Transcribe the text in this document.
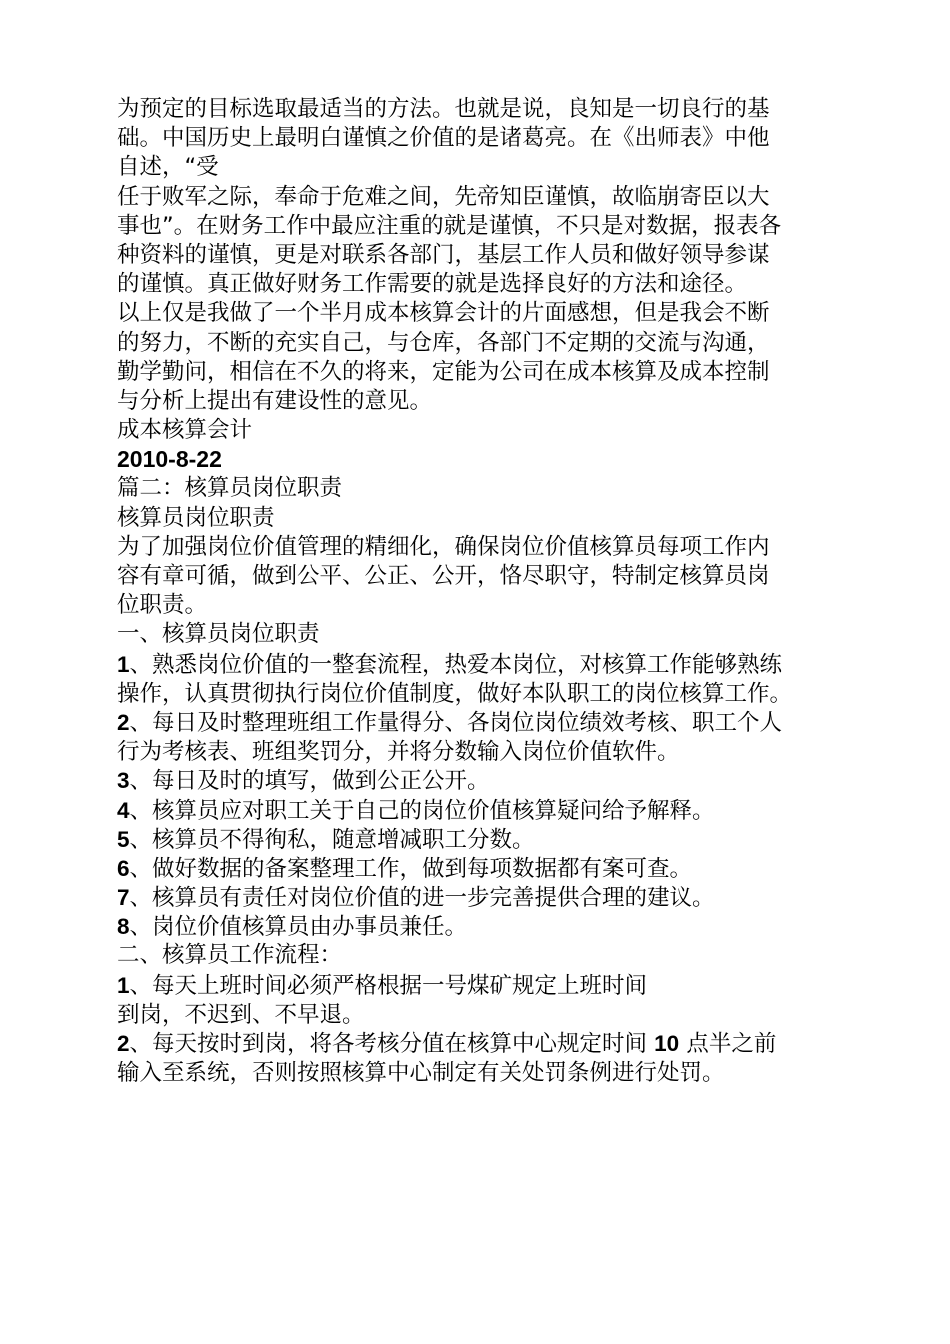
为预定的目标选取最适当的方法。也就是说，良知是一切良行的基
础。中国历史上最明白谨慎之价值的是诸葛亮。在《出师表》中他
自述，“受
任于败军之际，奉命于危难之间，先帝知臣谨慎，故临崩寄臣以大
事也”。在财务工作中最应注重的就是谨慎，不只是对数据，报表各
种资料的谨慎，更是对联系各部门，基层工作人员和做好领导参谋
的谨慎。真正做好财务工作需要的就是选择良好的方法和途径。
以上仅是我做了一个半月成本核算会计的片面感想，但是我会不断
的努力，不断的充实自己，与仓库，各部门不定期的交流与沟通，
勤学勤问，相信在不久的将来，定能为公司在成本核算及成本控制
与分析上提出有建设性的意见。
成本核算会计
2010-8-22
篇二：核算员岗位职责
核算员岗位职责
为了加强岗位价值管理的精细化，确保岗位价值核算员每项工作内
容有章可循，做到公平、公正、公开，恪尽职守，特制定核算员岗
位职责。
一、核算员岗位职责
1、熟悉岗位价值的一整套流程，热爱本岗位，对核算工作能够熟练
操作，认真贯彻执行岗位价值制度，做好本队职工的岗位核算工作。
2、每日及时整理班组工作量得分、各岗位岗位绩效考核、职工个人
行为考核表、班组奖罚分，并将分数输入岗位价值软件。
3、每日及时的填写，做到公正公开。
4、核算员应对职工关于自己的岗位价值核算疑问给予解释。
5、核算员不得徇私，随意增减职工分数。
6、做好数据的备案整理工作，做到每项数据都有案可查。
7、核算员有责任对岗位价值的进一步完善提供合理的建议。
8、岗位价值核算员由办事员兼任。
二、核算员工作流程：
1、每天上班时间必须严格根据一号煤矿规定上班时间
到岗，不迟到、不早退。
2、每天按时到岗，将各考核分值在核算中心规定时间 10 点半之前
输入至系统，否则按照核算中心制定有关处罚条例进行处罚。
